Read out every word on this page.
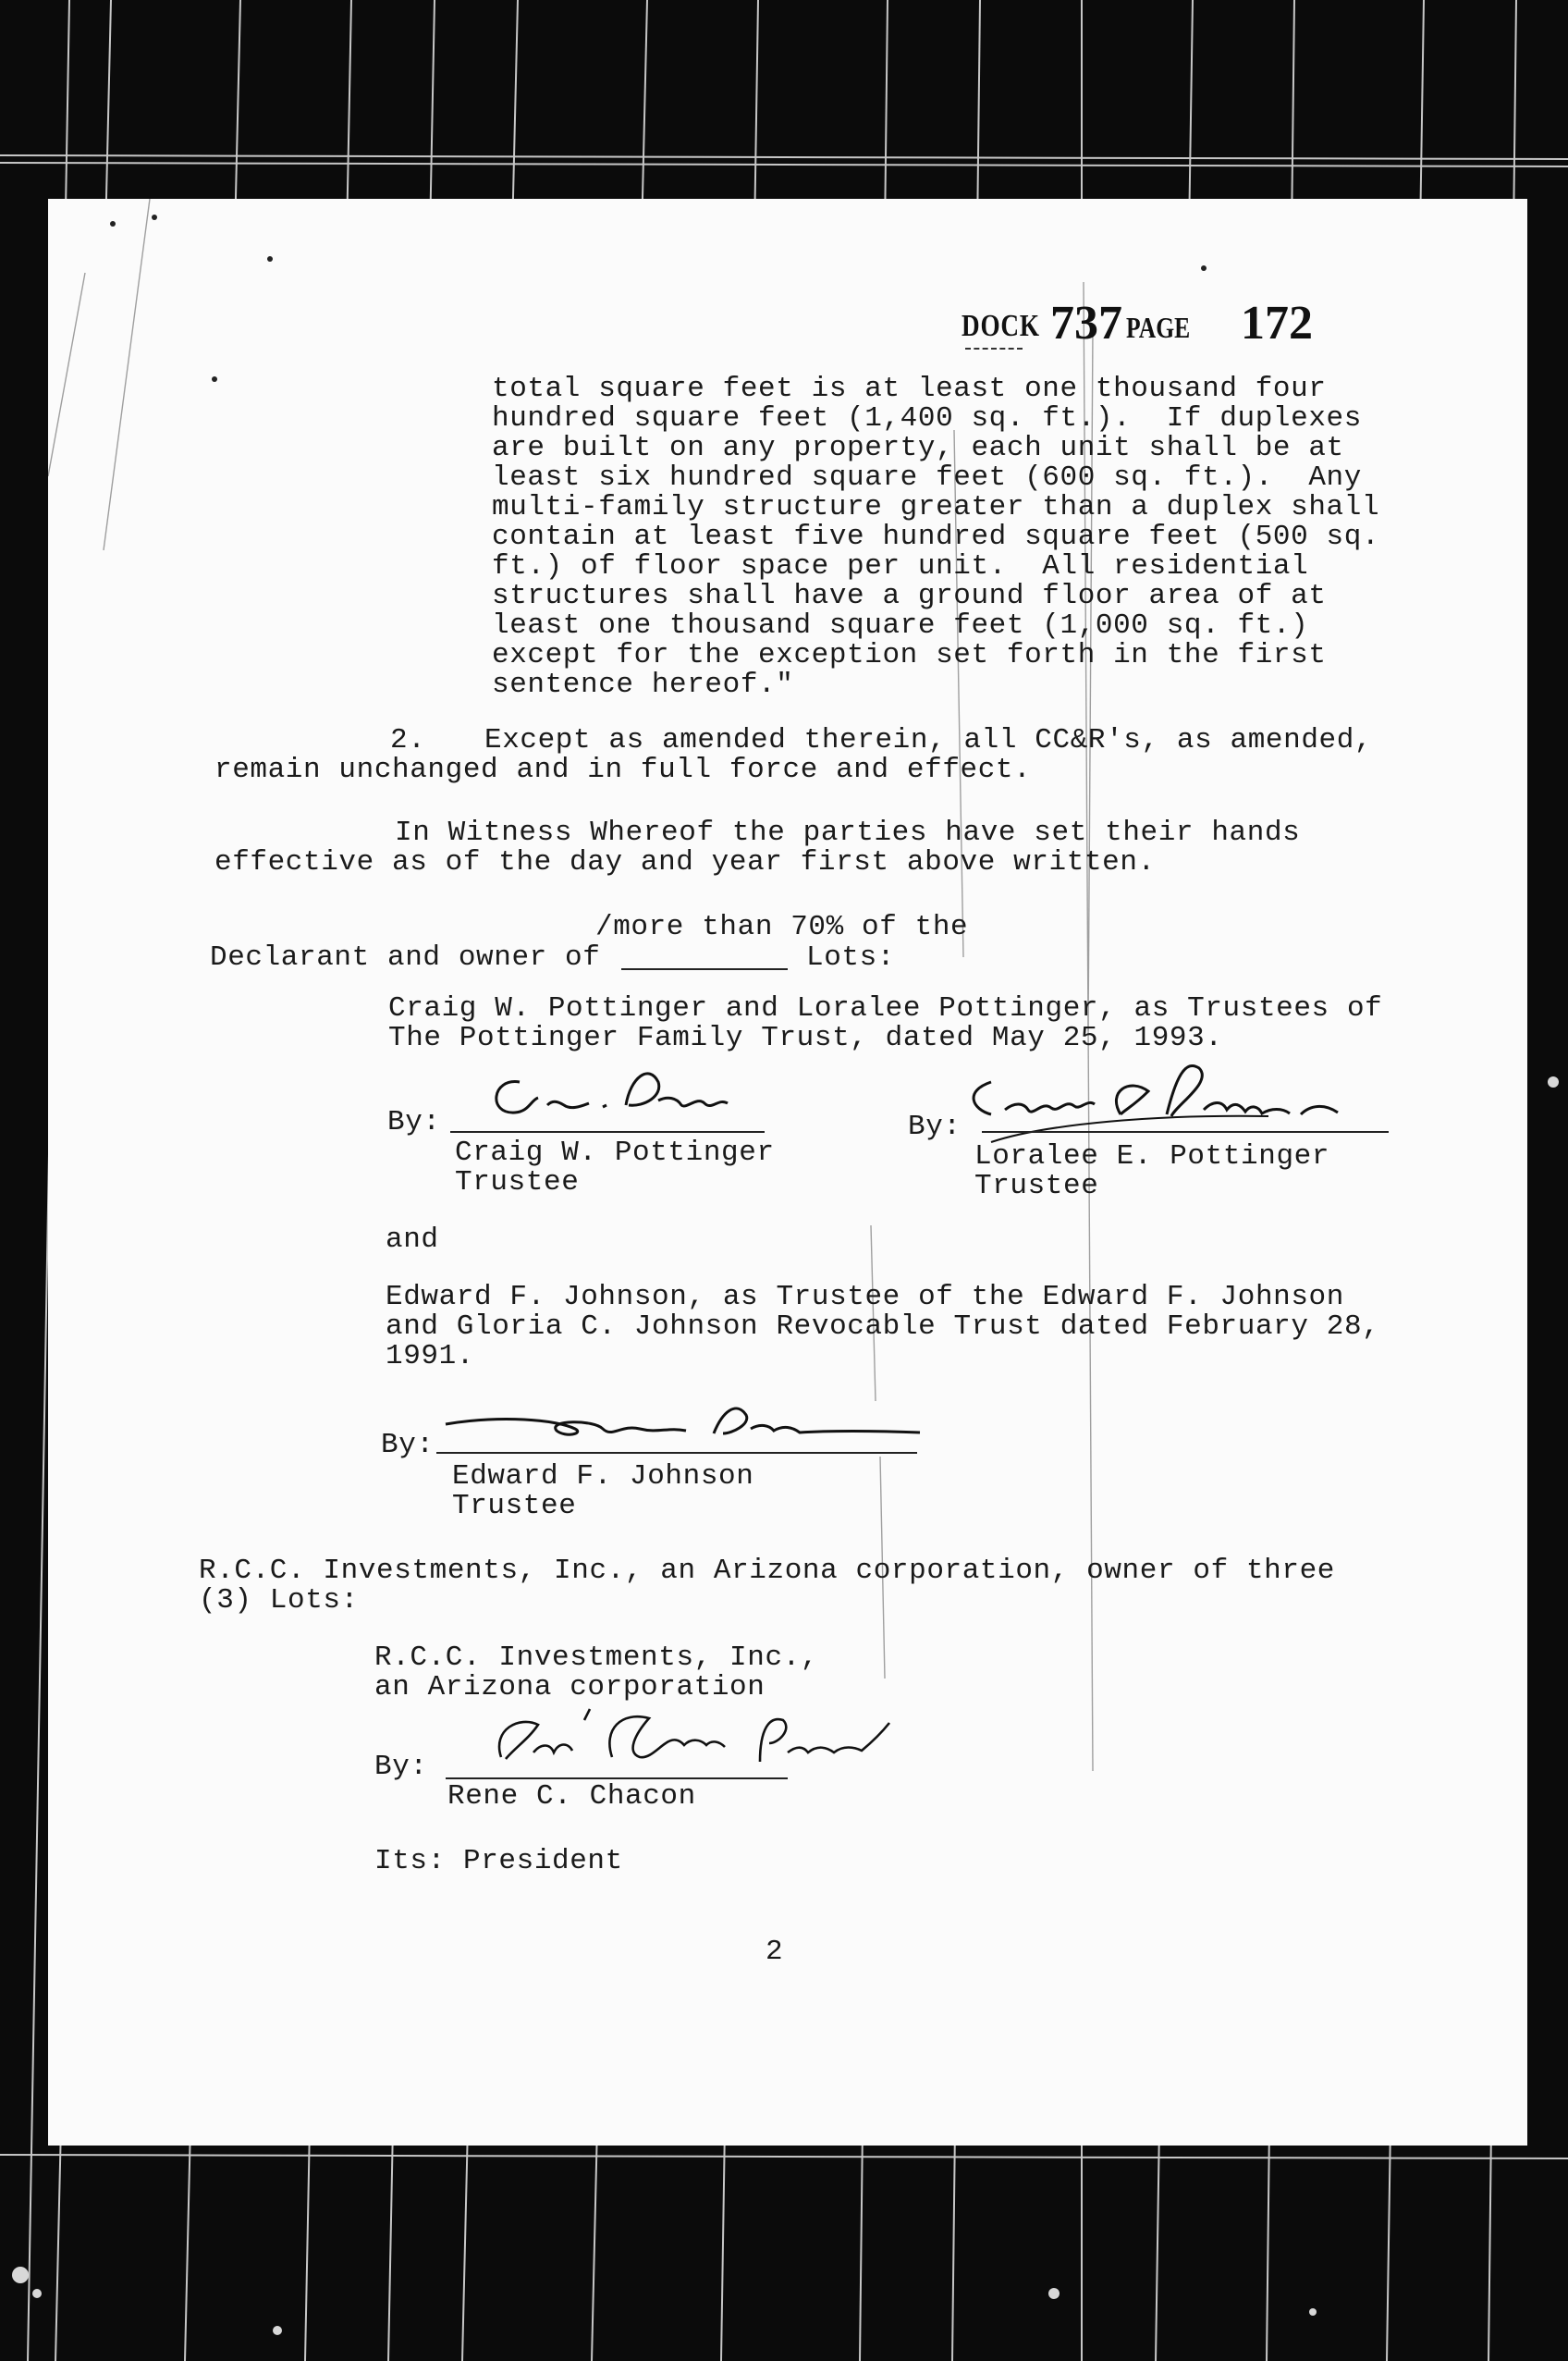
DOCK 737 PAGE 172

total square feet is at least one thousand four

hundred square feet (1,400 sq. ft.).  If duplexes

are built on any property, each unit shall be at

least six hundred square feet (600 sq. ft.).  Any

multi-family structure greater than a duplex shall

contain at least five hundred square feet (500 sq.

ft.) of floor space per unit.  All residential

structures shall have a ground floor area of at

least one thousand square feet (1,000 sq. ft.)

except for the exception set forth in the first

sentence hereof."

2. Except as amended therein, all CC&R's, as amended,
remain unchanged and in full force and effect.
In Witness Whereof the parties have set their hands
effective as of the day and year first above written.
/more than 70% of the
Declarant and owner of	Lots:
Craig W. Pottinger and Loralee Pottinger, as Trustees of
The Pottinger Family Trust, dated May 25, 1993.
By:
Craig W. Pottinger
Trustee
By:
Loralee E. Pottinger
Trustee
and
Edward F. Johnson, as Trustee of the Edward F. Johnson
and Gloria C. Johnson Revocable Trust dated February 28,
1991.
By:
Edward F. Johnson
Trustee
R.C.C. Investments, Inc., an Arizona corporation, owner of three
(3) Lots:
R.C.C. Investments, Inc.,
an Arizona corporation
By:
Rene C. Chacon
Its: President
2
